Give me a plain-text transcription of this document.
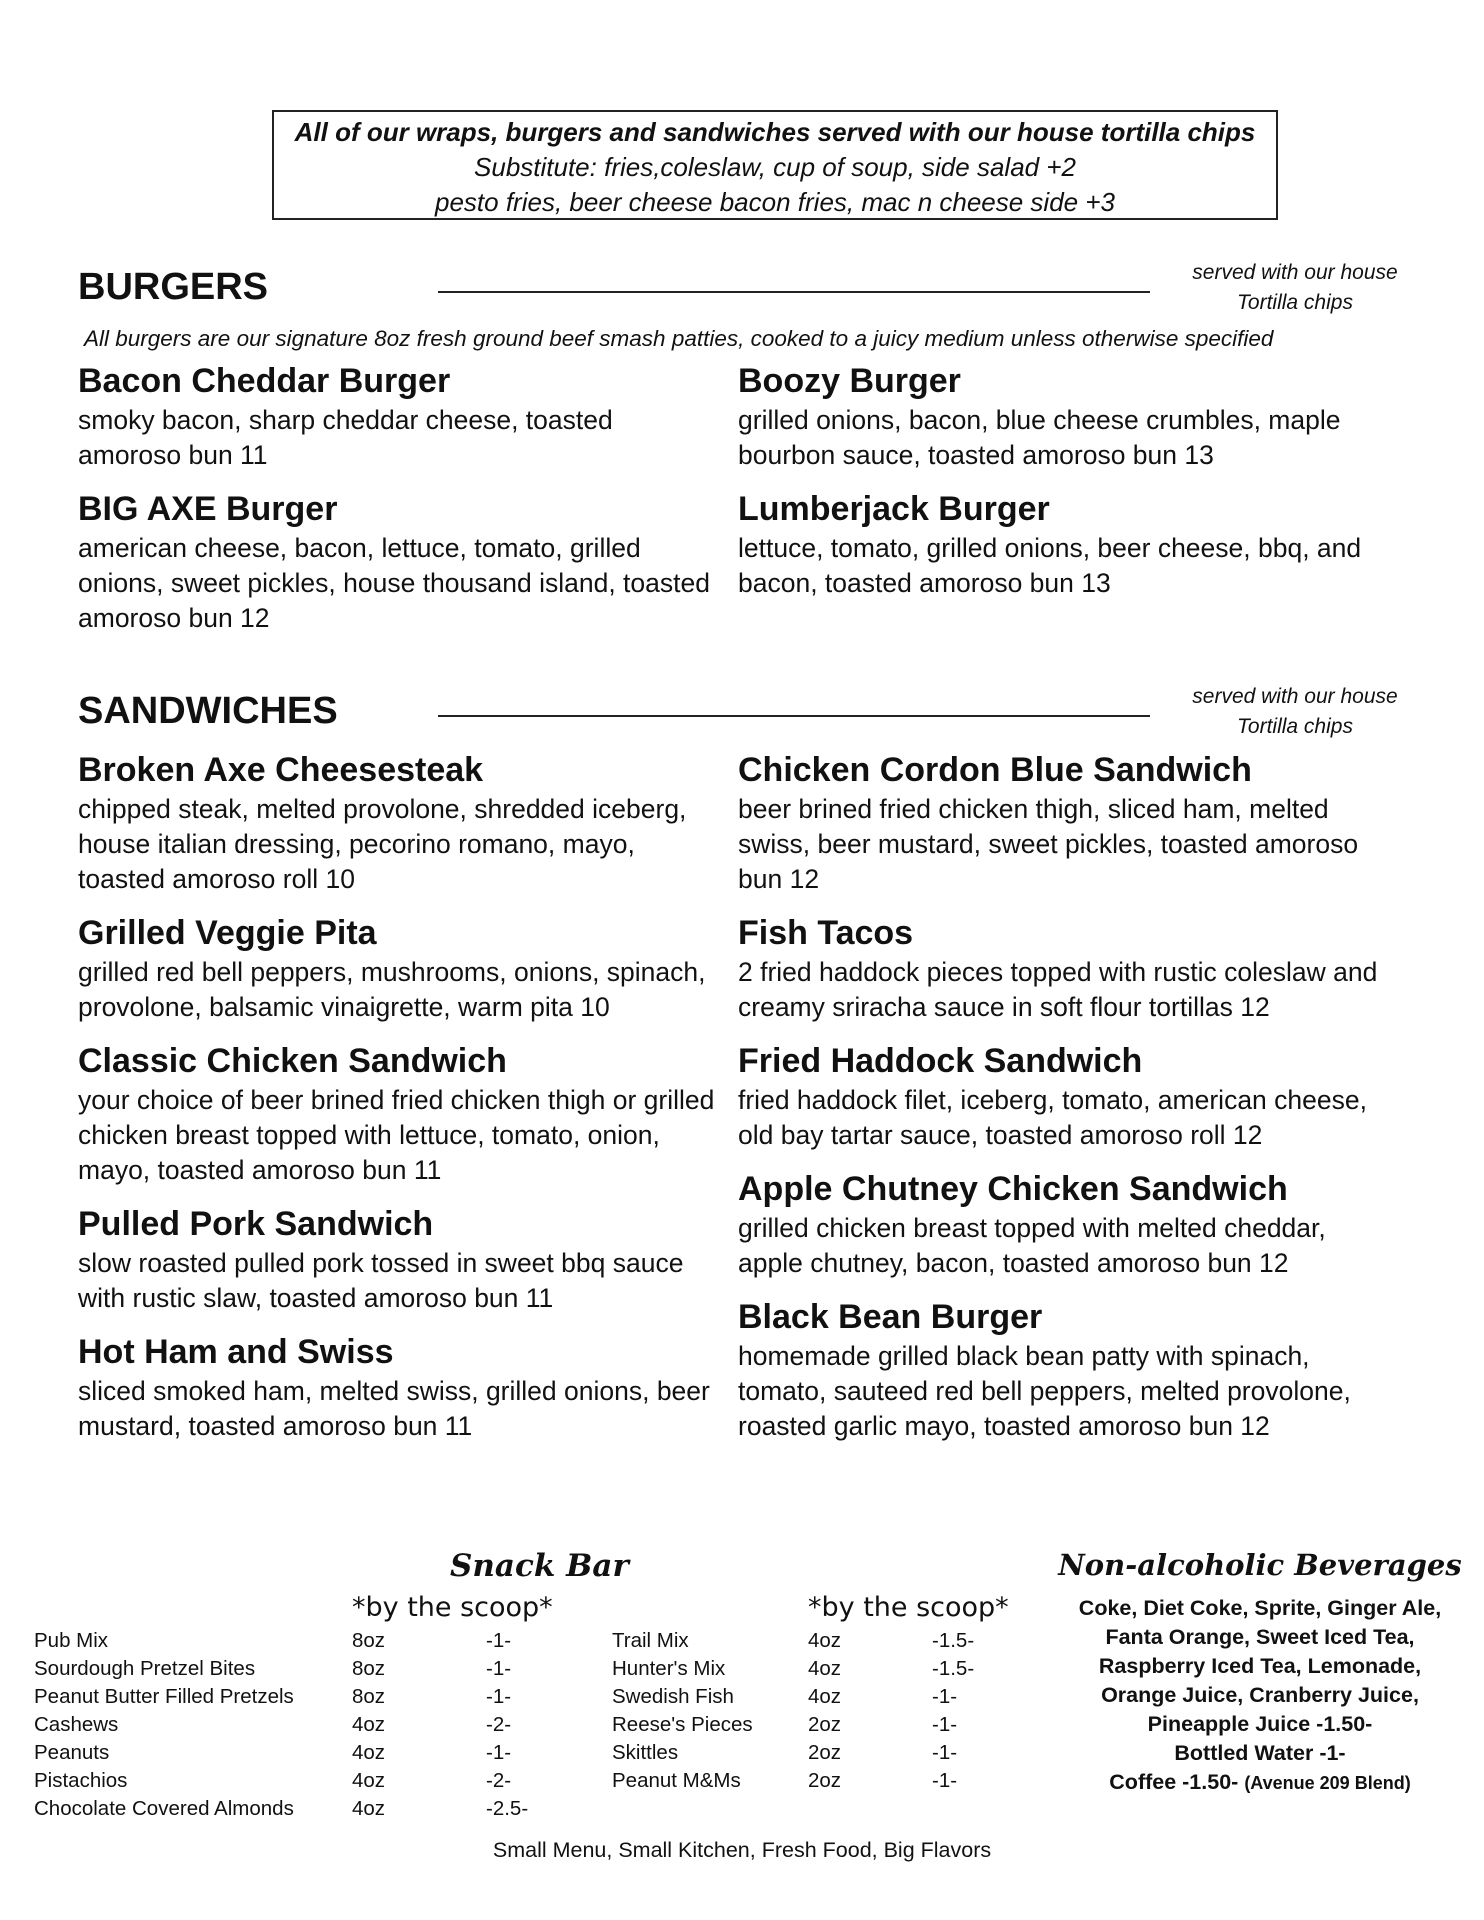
All of our wraps, burgers and sandwiches served with our house tortilla chips
Substitute: fries,coleslaw, cup of soup, side salad +2
pesto fries, beer cheese bacon fries, mac n cheese side +3
BURGERS	served with our house
Tortilla chips
All burgers are our signature 8oz fresh ground beef smash patties, cooked to a juicy medium unless otherwise specified
Bacon Cheddar Burger
smoky bacon, sharp cheddar cheese, toasted amoroso bun 11
BIG AXE Burger
american cheese, bacon, lettuce, tomato, grilled onions, sweet pickles, house thousand island, toasted amoroso bun 12
Boozy Burger
grilled onions, bacon, blue cheese crumbles, maple bourbon sauce, toasted amoroso bun 13
Lumberjack Burger
lettuce, tomato, grilled onions, beer cheese, bbq, and bacon, toasted amoroso bun 13
SANDWICHES	served with our house
Tortilla chips
Broken Axe Cheesesteak
chipped steak, melted provolone, shredded iceberg, house italian dressing, pecorino romano, mayo, toasted amoroso roll 10
Grilled Veggie Pita
grilled red bell peppers, mushrooms, onions, spinach, provolone, balsamic vinaigrette, warm pita 10
Classic Chicken Sandwich
your choice of beer brined fried chicken thigh or grilled chicken breast topped with lettuce, tomato, onion, mayo, toasted amoroso bun 11
Pulled Pork Sandwich
slow roasted pulled pork tossed in sweet bbq sauce with rustic slaw, toasted amoroso bun 11
Hot Ham and Swiss
sliced smoked ham, melted swiss, grilled onions, beer mustard, toasted amoroso bun 11
Chicken Cordon Blue Sandwich
beer brined fried chicken thigh, sliced ham, melted swiss, beer mustard, sweet pickles, toasted amoroso bun 12
Fish Tacos
2 fried haddock pieces topped with rustic coleslaw and creamy sriracha sauce in soft flour tortillas 12
Fried Haddock Sandwich
fried haddock filet, iceberg, tomato, american cheese, old bay tartar sauce, toasted amoroso roll 12
Apple Chutney Chicken Sandwich
grilled chicken breast topped with melted cheddar, apple chutney, bacon, toasted amoroso bun 12
Black Bean Burger
homemade grilled black bean patty with spinach, tomato, sauteed red bell peppers, melted provolone, roasted garlic mayo, toasted amoroso bun 12
Snack Bar
*by the scoop*	*by the scoop*
Pub Mix	8oz	-1-
Sourdough Pretzel Bites	8oz	-1-
Peanut Butter Filled Pretzels	8oz	-1-
Cashews	4oz	-2-
Peanuts	4oz	-1-
Pistachios	4oz	-2-
Chocolate Covered Almonds	4oz	-2.5-
Trail Mix	4oz	-1.5-
Hunter's Mix	4oz	-1.5-
Swedish Fish	4oz	-1-
Reese's Pieces	2oz	-1-
Skittles	2oz	-1-
Peanut M&Ms	2oz	-1-
Non-alcoholic Beverages
Coke, Diet Coke, Sprite, Ginger Ale,
Fanta Orange, Sweet Iced Tea,
Raspberry Iced Tea, Lemonade,
Orange Juice, Cranberry Juice,
Pineapple Juice -1.50-
Bottled Water -1-
Coffee -1.50- (Avenue 209 Blend)
Small Menu, Small Kitchen, Fresh Food, Big Flavors
